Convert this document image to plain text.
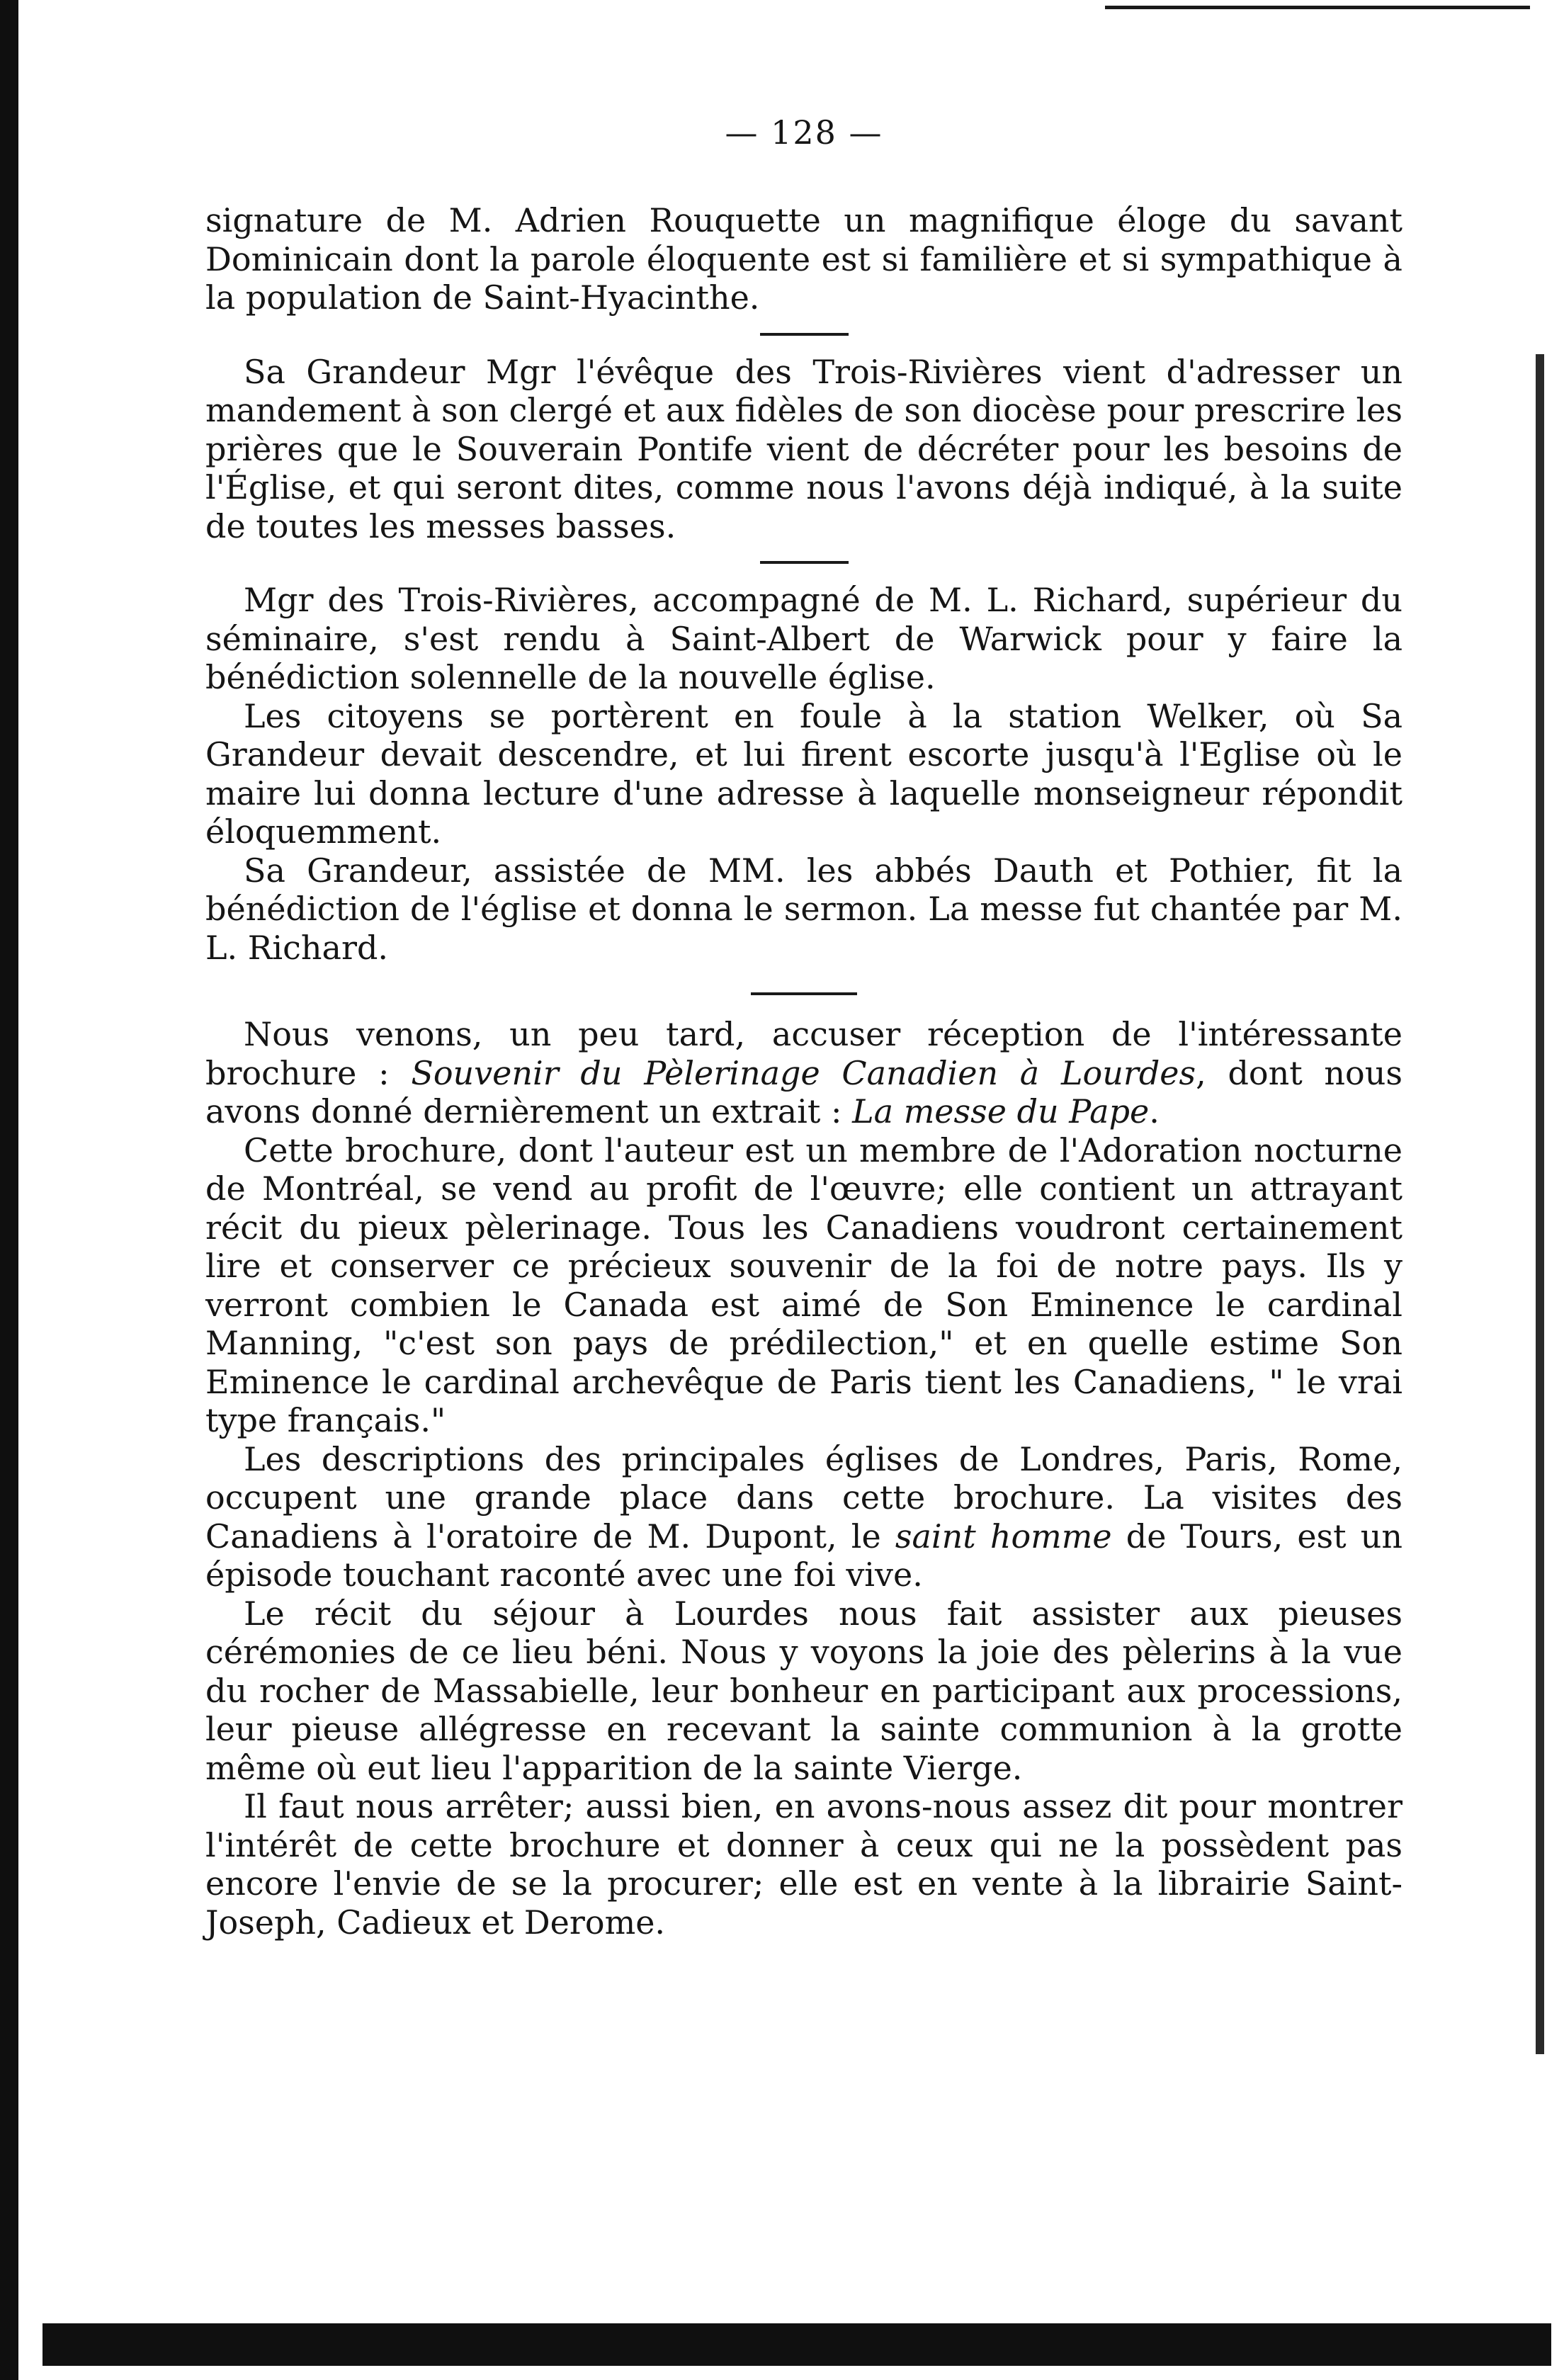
— 128 —

signature de M. Adrien Rouquette un magnifique éloge du savant Dominicain dont la parole éloquente est si familière et si sympathique à la population de Saint-Hyacinthe.

Sa Grandeur Mgr l'évêque des Trois-Rivières vient d'adresser un mandement à son clergé et aux fidèles de son diocèse pour prescrire les prières que le Souverain Pontife vient de décréter pour les besoins de l'Église, et qui seront dites, comme nous l'avons déjà indiqué, à la suite de toutes les messes basses.

Mgr des Trois-Rivières, accompagné de M. L. Richard, supérieur du séminaire, s'est rendu à Saint-Albert de Warwick pour y faire la bénédiction solennelle de la nouvelle église.

Les citoyens se portèrent en foule à la station Welker, où Sa Grandeur devait descendre, et lui firent escorte jusqu'à l'Eglise où le maire lui donna lecture d'une adresse à laquelle monseigneur répondit éloquemment.

Sa Grandeur, assistée de MM. les abbés Dauth et Pothier, fit la bénédiction de l'église et donna le sermon. La messe fut chantée par M. L. Richard.

Nous venons, un peu tard, accuser réception de l'intéressante brochure : Souvenir du Pèlerinage Canadien à Lourdes, dont nous avons donné dernièrement un extrait : La messe du Pape.

Cette brochure, dont l'auteur est un membre de l'Adoration nocturne de Montréal, se vend au profit de l'œuvre; elle contient un attrayant récit du pieux pèlerinage. Tous les Canadiens voudront certainement lire et conserver ce précieux souvenir de la foi de notre pays. Ils y verront combien le Canada est aimé de Son Eminence le cardinal Manning, "c'est son pays de prédilection," et en quelle estime Son Eminence le cardinal archevêque de Paris tient les Canadiens, " le vrai type français."

Les descriptions des principales églises de Londres, Paris, Rome, occupent une grande place dans cette brochure. La visites des Canadiens à l'oratoire de M. Dupont, le saint homme de Tours, est un épisode touchant raconté avec une foi vive.

Le récit du séjour à Lourdes nous fait assister aux pieuses cérémonies de ce lieu béni. Nous y voyons la joie des pèlerins à la vue du rocher de Massabielle, leur bonheur en participant aux processions, leur pieuse allégresse en recevant la sainte communion à la grotte même où eut lieu l'apparition de la sainte Vierge.

Il faut nous arrêter; aussi bien, en avons-nous assez dit pour montrer l'intérêt de cette brochure et donner à ceux qui ne la possèdent pas encore l'envie de se la procurer; elle est en vente à la librairie Saint-Joseph, Cadieux et Derome.
